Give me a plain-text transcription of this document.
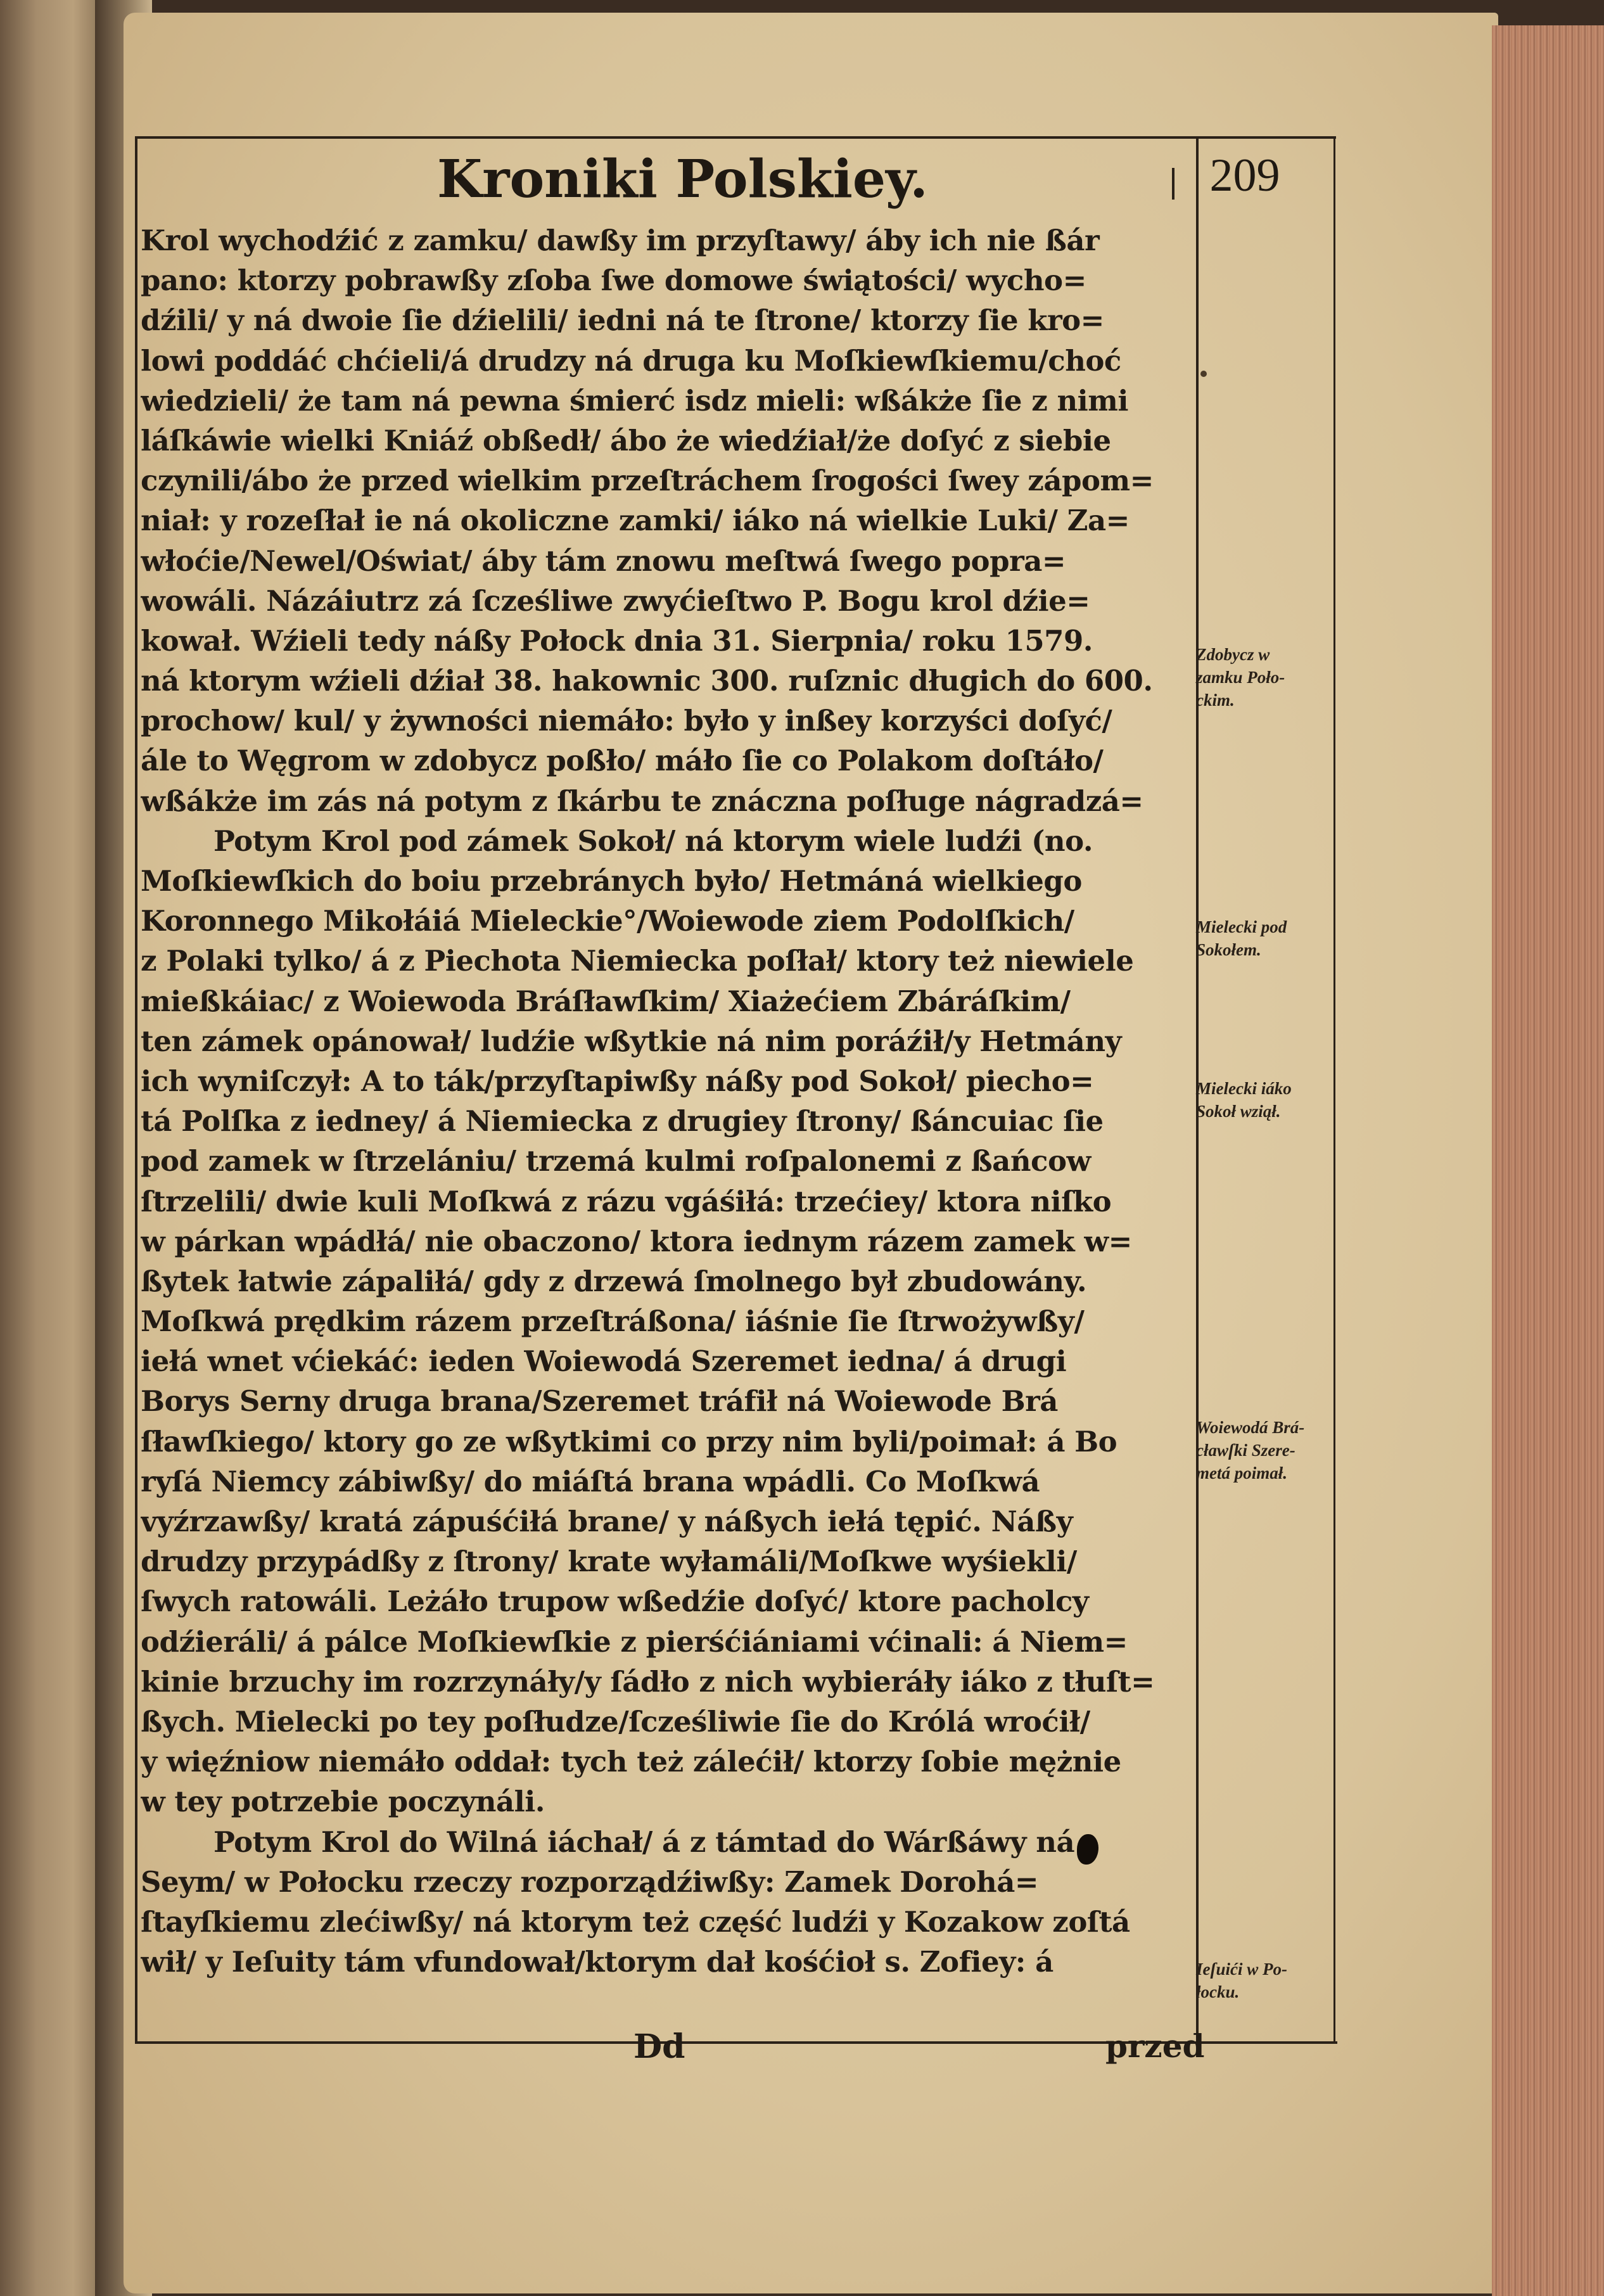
Kroniki Polskiey.	209
Krol wychodźić z zamku/ dawßy im przyſtawy/ áby ich nie ßár
pano: ktorzy pobrawßy zſoba ſwe domowe świątości/ wycho=
dźili/ y ná dwoie ſie dźielili/ iedni ná te ſtrone/ ktorzy ſie kro=
lowi poddáć chćieli/á drudzy ná druga ku Moſkiewſkiemu/choć
wiedzieli/ że tam ná pewna śmierć isdz mieli: wßákże ſie z nimi
láſkáwie wielki Kniáź obßedł/ ábo że wiedźiał/że doſyć z siebie
czynili/ábo że przed wielkim przeſtráchem ſrogości ſwey zápom=
niał: y rozeſłał ie ná okoliczne zamki/ iáko ná wielkie Luki/ Za=
włoćie/Newel/Oświat/ áby tám znowu meſtwá ſwego popra=
wowáli. Názáiutrz zá ſcześliwe zwyćieſtwo P. Bogu krol dźie=
kował. Wźieli tedy náßy Połock dnia 31. Sierpnia/ roku 1579.
ná ktorym wźieli dźiał 38. hakownic 300. ruſznic długich do 600.
prochow/ kul/ y żywności niemáło: było y inßey korzyści doſyć/
ále to Węgrom w zdobycz poßło/ máło ſie co Polakom doſtáło/
wßákże im zás ná potym z ſkárbu te znáczna poſługe nágradzá=
Potym Krol pod zámek Sokoł/ ná ktorym wiele ludźi (no.
Moſkiewſkich do boiu przebránych było/ Hetmáná wielkiego
Koronnego Mikołáiá Mieleckie°/Woiewode ziem Podolſkich/
z Polaki tylko/ á z Piechota Niemiecka poſłał/ ktory też niewiele
mießkáiac/ z Woiewoda Bráſławſkim/ Xiażećiem Zbáráſkim/
ten zámek opánował/ ludźie wßytkie ná nim poráźił/y Hetmány
ich wyniſczył: A to ták/przyſtapiwßy náßy pod Sokoł/ piecho=
tá Polſka z iedney/ á Niemiecka z drugiey ſtrony/ ßáncuiac ſie
pod zamek w ſtrzelániu/ trzemá kulmi roſpalonemi z ßańcow
ſtrzelili/ dwie kuli Moſkwá z rázu vgáśiłá: trzećiey/ ktora niſko
w párkan wpádłá/ nie obaczono/ ktora iednym rázem zamek w=
ßytek łatwie zápaliłá/ gdy z drzewá ſmolnego był zbudowány.
Moſkwá prędkim rázem przeſtráßona/ iáśnie ſie ſtrwożywßy/
iełá wnet vćiekáć: ieden Woiewodá Szeremet iedna/ á drugi
Borys Serny druga brana/Szeremet tráfił ná Woiewode Brá
ſławſkiego/ ktory go ze wßytkimi co przy nim byli/poimał: á Bo
ryſá Niemcy zábiwßy/ do miáſtá brana wpádli. Co Moſkwá
vyźrzawßy/ kratá zápuśćiłá brane/ y náßych iełá tępić. Náßy
drudzy przypádßy z ſtrony/ krate wyłamáli/Moſkwe wyśiekli/
ſwych ratowáli. Leżáło trupow wßedźie doſyć/ ktore pacholcy
odźieráli/ á pálce Moſkiewſkie z pierśćiániami vćinali: á Niem=
kinie brzuchy im rozrzynáły/y ſádło z nich wybieráły iáko z tłuſt=
ßych. Mielecki po tey poſłudze/ſcześliwie ſie do Królá wroćił/
y więźniow niemáło oddał: tych też zálećił/ ktorzy ſobie mężnie
w tey potrzebie poczynáli.
Potym Krol do Wilná iáchał/ á z támtad do Wárßáwy ná
Seym/ w Połocku rzeczy rozporządźiwßy: Zamek Dorohá=
ſtayſkiemu zlećiwßy/ ná ktorym też część ludźi y Kozakow zoſtá
wił/ y Ieſuity tám vfundował/ktorym dał kośćioł s. Zofiey: á
Zdobycz w
zamku Poło-
ckim.
Mielecki pod
Sokołem.
Mielecki iáko
Sokoł wziął.
Woiewodá Brá-
cławſki Szere-
metá poimał.
Ieſuići w Po-
łocku.
Dd	przed
